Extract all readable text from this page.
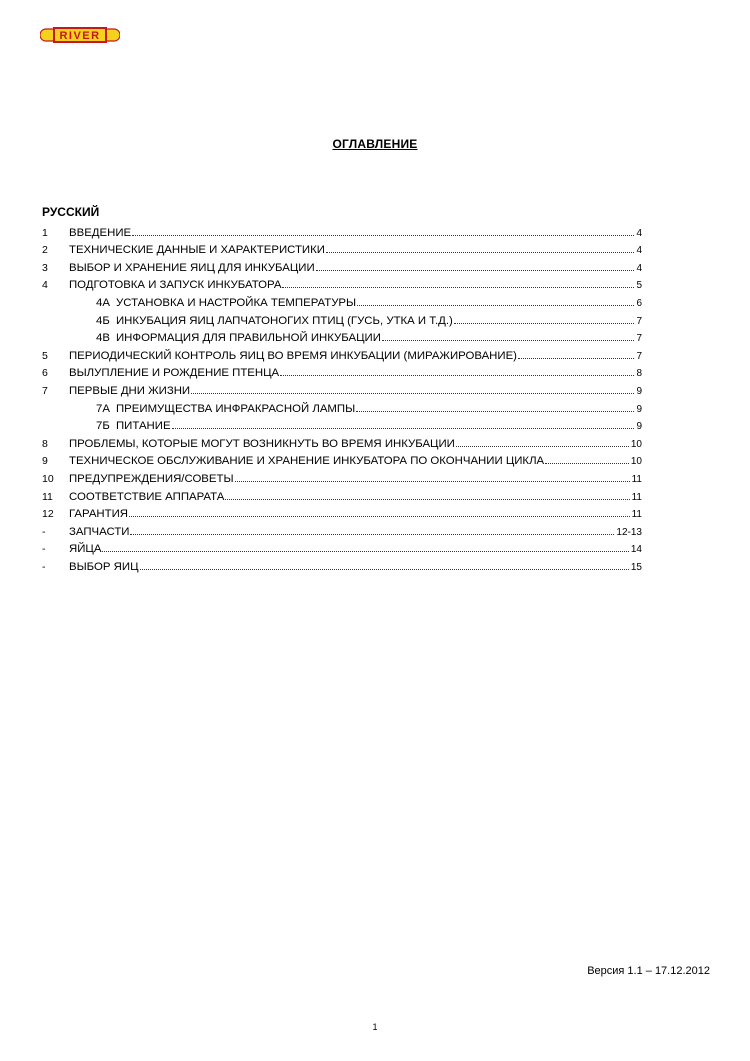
RIVER
ОГЛАВЛЕНИЕ
РУССКИЙ
1	ВВЕДЕНИЕ	4
2	ТЕХНИЧЕСКИЕ ДАННЫЕ И ХАРАКТЕРИСТИКИ	4
3	ВЫБОР И ХРАНЕНИЕ ЯИЦ ДЛЯ ИНКУБАЦИИ	4
4	ПОДГОТОВКА И ЗАПУСК ИНКУБАТОРА	5
4А УСТАНОВКА И НАСТРОЙКА ТЕМПЕРАТУРЫ	6
4Б ИНКУБАЦИЯ ЯИЦ ЛАПЧАТОНОГИХ ПТИЦ (ГУСЬ, УТКА И Т.Д.)	7
4В ИНФОРМАЦИЯ ДЛЯ ПРАВИЛЬНОЙ ИНКУБАЦИИ	7
5	ПЕРИОДИЧЕСКИЙ КОНТРОЛЬ ЯИЦ ВО ВРЕМЯ ИНКУБАЦИИ (МИРАЖИРОВАНИЕ)	7
6	ВЫЛУПЛЕНИЕ И РОЖДЕНИЕ ПТЕНЦА	8
7	ПЕРВЫЕ ДНИ ЖИЗНИ	9
7А ПРЕИМУЩЕСТВА ИНФРАКРАСНОЙ ЛАМПЫ	9
7Б ПИТАНИЕ	9
8	ПРОБЛЕМЫ, КОТОРЫЕ МОГУТ ВОЗНИКНУТЬ ВО ВРЕМЯ ИНКУБАЦИИ	10
9	ТЕХНИЧЕСКОЕ ОБСЛУЖИВАНИЕ И ХРАНЕНИЕ ИНКУБАТОРА ПО ОКОНЧАНИИ ЦИКЛА	10
10	ПРЕДУПРЕЖДЕНИЯ/СОВЕТЫ	11
11	СООТВЕТСТВИЕ АППАРАТА	11
12	ГАРАНТИЯ	11
-	ЗАПЧАСТИ	12-13
-	ЯЙЦА	14
-	ВЫБОР ЯИЦ	15
Версия 1.1 – 17.12.2012
1
